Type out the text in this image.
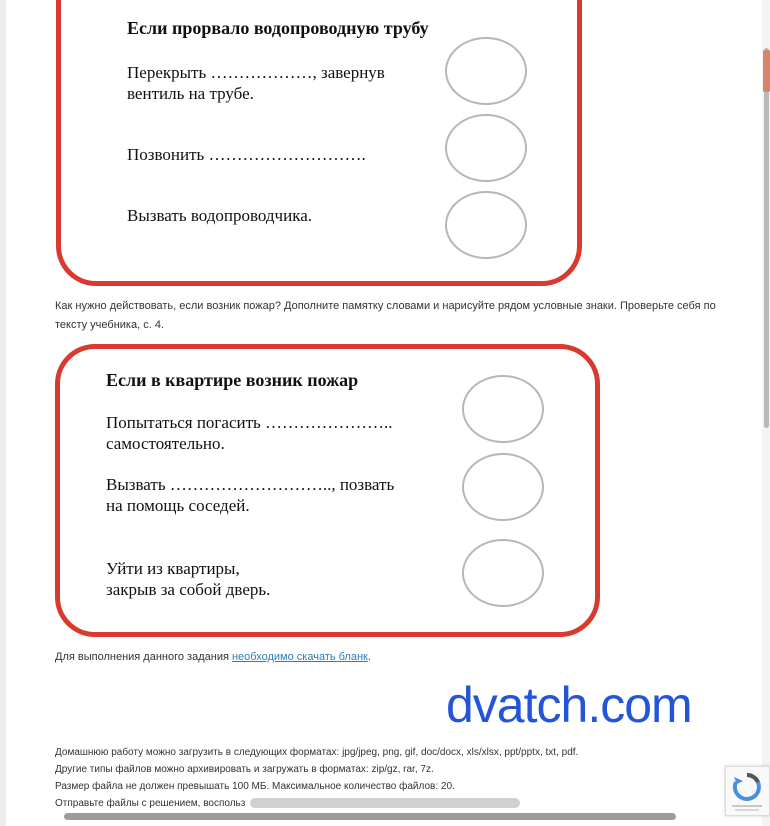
Если прорвало водопроводную трубу
Перекрыть ………………, завернув
вентиль на трубе.
Позвонить ……………………….
Вызвать водопроводчика.
Как нужно действовать, если возник пожар? Дополните памятку словами и нарисуйте рядом условные знаки. Проверьте себя по
тексту учебника, с. 4.
Если в квартире возник пожар
Попытаться погасить …………………..
самостоятельно.
Вызвать ……………………….., позвать
на помощь соседей.
Уйти из квартиры,
закрыв за собой дверь.
Для выполнения данного задания необходимо скачать бланк.
dvatch.com
Домашнюю работу можно загрузить в следующих форматах: jpg/jpeg, png, gif, doc/docx, xls/xlsx, ppt/pptx, txt, pdf.
Другие типы файлов можно архивировать и загружать в форматах: zip/gz, rar, 7z.
Размер файла не должен превышать 100 МБ. Максимальное количество файлов: 20.
Отправьте файлы с решением, воспольз
